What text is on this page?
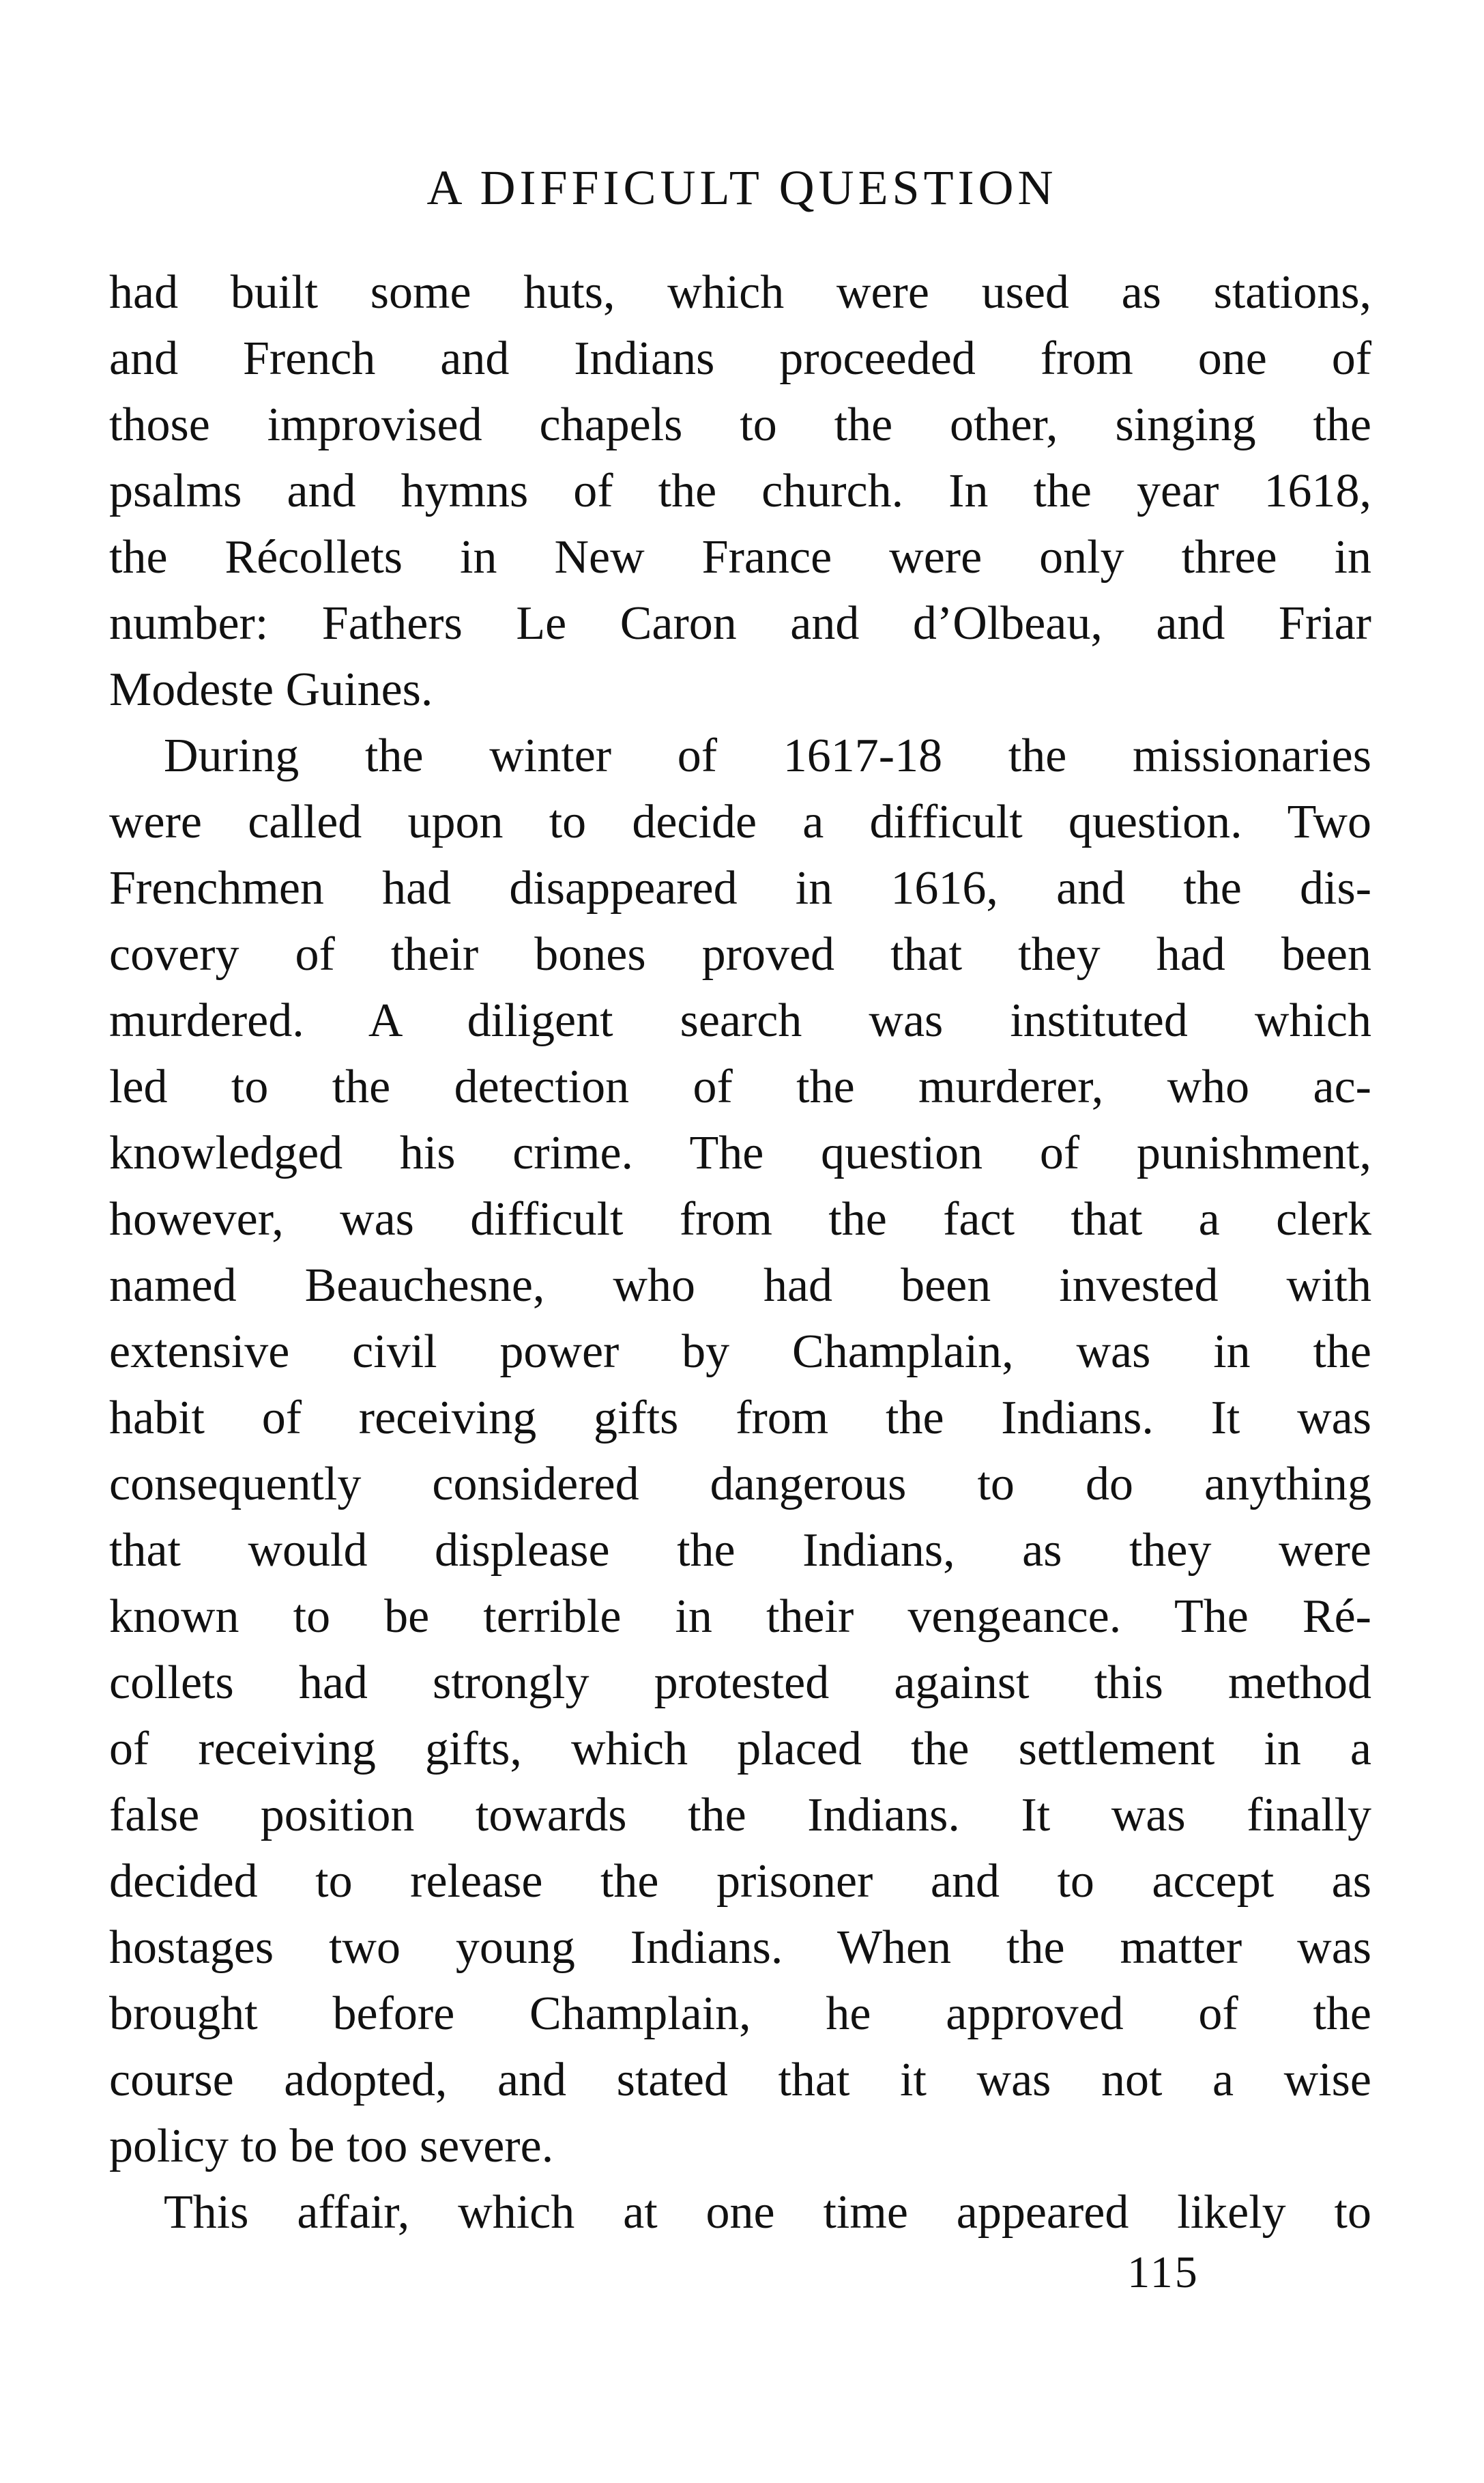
A DIFFICULT QUESTION
had built some huts, which were used as stations,
and French and Indians proceeded from one of
those improvised chapels to the other, singing the
psalms and hymns of the church. In the year 1618,
the Récollets in New France were only three in
number: Fathers Le Caron and d’Olbeau, and Friar
Modeste Guines.
During the winter of 1617-18 the missionaries
were called upon to decide a difficult question. Two
Frenchmen had disappeared in 1616, and the dis-
covery of their bones proved that they had been
murdered. A diligent search was instituted which
led to the detection of the murderer, who ac-
knowledged his crime. The question of punishment,
however, was difficult from the fact that a clerk
named Beauchesne, who had been invested with
extensive civil power by Champlain, was in the
habit of receiving gifts from the Indians. It was
consequently considered dangerous to do anything
that would displease the Indians, as they were
known to be terrible in their vengeance. The Ré-
collets had strongly protested against this method
of receiving gifts, which placed the settlement in a
false position towards the Indians. It was finally
decided to release the prisoner and to accept as
hostages two young Indians. When the matter was
brought before Champlain, he approved of the
course adopted, and stated that it was not a wise
policy to be too severe.
This affair, which at one time appeared likely to
115
